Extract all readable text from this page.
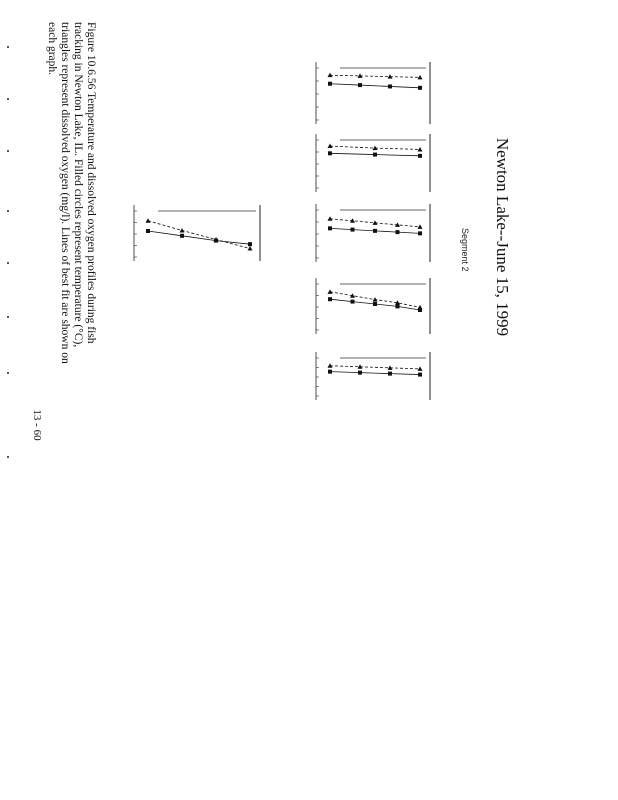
Newton Lake--June 15, 1999
Figure 10.6.56 Temperature and dissolved oxygen profiles during fish tracking in Newton Lake, IL. Filled circles represent temperature (°C), triangles represent dissolved oxygen (mg/l). Lines of best fit are shown on each graph.
13 - 60
Segment 2
